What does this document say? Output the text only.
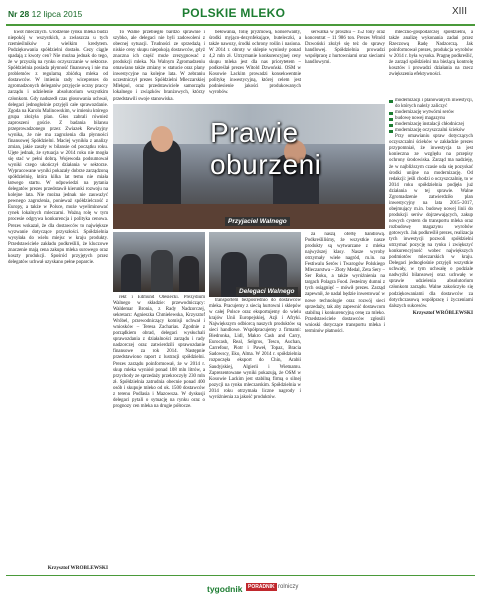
Nr 28 12 lipca 2015	POLSKIE MLEKO	XIII

kwot mlecznych. Urodzenie rynku mleka budzi niepokój w wszystkich, a zwłaszcza u tych rzemieślników z wielkim kredytem. Podziękowania spółdzielni dostało. Cezy ciągle spadają z kwoty cen? Nie można jednak do tego, że w przyszłą na rynku oczyszczanie w sektorze. Spółdzielnia posiada płynność finansową i nie ma problemów z regularną zbiórką mleka od dostawców. W imieniu rady wiceprezes do zgromadzonych delegatów przyjęcie oczny praccy zarządu i udzielenie absolutorium wszystkim członkom. Gdy nadszedł czas głosowania uchwał, delegaci jednogłośnie przyjęli całe sprawozdanie. Zgoda na Karolu Malinowskim, w imieniu którego grupa złożyła plan. Głos zabrali również zaproszeni goście. Z badania bilansu przeprowadzonego przez Zwiazek Rewizyjny wynika, że nie ma zagrożenia dla płynności finansowej Spółdzielni. Maciej wynikła z analizy zmian, jakie zaszły w bilansie od początku roku. Ujęte jednak, że sytuacja w 2014 roku nie mogła się stać w pełni dobrą. Wojewoda podsumował wyniki czego ukończył działania w sektorze. Wypracowane wyniki pokazały dobrze zarządzoną spółdzielnię, która kilka lat temu nie miała łatwego startu. W odpowiedzi na pytania delegatów prezes przedstawił kierunki rozwoju na kolejne lata. Nie można jednak nie zauważyć pewnego zagrożenia, ponieważ spółdzielczość z Europy, a także w Polsce, może wyeliminować rynek lokalnych mleczarni. Ważną rolę w tym procesie odgrywa konkurencja i polityka cenowa. Prezes wskazał, że dla dostawców to największe wyzwanie dotyczące przyszłości. Spółdzielnia wysyłała do wielu miejsc w kraju produkty. Przedstawiciele zakładu podkreślili, że kluczowe znaczenie mają cena zakupu mleka surowego oraz koszty produkcji. Spośród przyjętych przez delegatów uchwał uzyskano pełne poparcie.

To Walne przebiegło bardzo sprawnie i szybko, ale delegaci nie byli zadowoleni z obecnej sytuacji. Trudności ze sprzedażą i niskie ceny skupu niepokoją dostawców, gdyż znaczna ich część może zrezygnować z produkcji mleka. Na Walnym Zgromadzeniu omawiano także zmiany w statucie oraz plany inwestycyjne na kolejne lata. W zebraniu uczestniczył prezes Spółdzielni Mleczarskiej Mlekpol, oraz przedstawiciele samorządu lokalnego i związków branżowych, którzy przedstawili swoje stanowiska.

bełowania, folię pryzmową, konserwanty, środki myjąco-dezynfekujące, buteleczki, a także nawozy, środki ochrony roślin i nasiona. W 2014 r. obroty w sklepie wyniosły ponad 4,2 mln zł. Utrzymanie konkurencyjnej ceny skupu mleka jest dla nas priorytetem – podkreślał prezes Witold Dzwoński. OSM w Kosowie Lackim prowadzi konsekwentnie politykę inwestycyjną, której celem jest podniesienie jakości produkowanych wyrobów.

serwatka w proszku – 152 tony oraz koncentrat – 11 986 ton. Prezes Witold Dzwoński złożył się też do sprawy handlowej. Spółdzielnia prowadzi współpracę z hurtowniami oraz sieciami handlowymi.

mleczno-gospodarczej spółdzielni, a także analizę wykonania zadań przez Rzeczową Radę Nadzorczą. Jak poinformował prezes, produkcja wyrobów w 2014 r. była wysoka. Pragnę podkreślić, że zarząd spółdzielni ma bieżącą kontrolę kosztów i prowadzi działania na rzecz zwiększenia efektywności.

Prawie oburzeni
Przyjaciel Walnego
Delegaci Walnego

rekt i Edmund Olesiecki. Prezydium Walnego w składzie: przewodniczący: Waldemar Bronia, z Rady Nadzorczej, sekretarz: Agnieszka Chmielewska, Krzysztof Wróbel, przewodniczący komisji uchwał i wniosków – Teresa Zacharias. Zgodnie z porządkiem obrad, delegaci wysłuchali sprawozdania z działalności zarządu i rady nadzorczej oraz zatwierdzili sprawozdanie finansowe za rok 2014. Następnie przedstawiono raport z lustracji spółdzielni. Prezes zarządu poinformował, że w 2014 r. skup mleka wyniósł ponad 108 mln litrów, a przychody ze sprzedaży przekroczyły 230 mln zł. Spółdzielnia zatrudnia obecnie ponad 400 osób i skupuje mleko od ok. 1500 dostawców z terenu Podlasia i Mazowsza. W dyskusji delegaci pytali o sytuację na rynku oraz o prognozy cen mleka na drugie półrocze.

transportem bezpośrednio do dostawców mleka. Pracujemy z siecią hurtowni i sklepów w całej Polsce oraz eksportujemy do wielu krajów Unii Europejskiej, Azji i Afryki. Największym odbiorcą naszych produktów są sieci handlowe. Współpracujemy z firmami: Biedronka, Lidl, Makro Cash and Carry, Eurocash, Real, Selgros, Tesco, Auchan, Carrefour, Piotr i Paweł, Topaz, Bracia Sadowscy, Eko, Alma. W 2014 r. spółdzielnia rozpoczęła eksport do Chin, Arabii Saudyjskiej, Algierii i Wietnamu. Zaprezentowane wyniki pokazują, że OSM w Kosowie Lackim jest stabilną firmą o silnej pozycji na rynku mleczarskim. Spółdzielnia w 2014 roku otrzymała liczne nagrody i wyróżnienia za jakość produktów.

za naszą ofertę handlową. Podkreśliliśmy, że wszystkie nasze produkty są wytwarzane z mleka najwyższej klasy. Nasze wyroby otrzymały wiele nagród, m.in. na Festiwalu Serów i Twarogów Polskiego Mleczarstwa – Złoty Medal, Zeta Sery – Ser Roku, a także wyróżnienia na targach Polagra Food. Jesteśmy dumni z tych osiągnięć – mówił prezes. Zarząd zapewnił, że nadal będzie inwestować w nowe technologie oraz rozwój sieci sprzedaży, tak aby zapewnić dostawcom stabilną i konkurencyjną cenę za mleko. Przedstawiciele dostawców zgłosili wnioski dotyczące transportu mleka i terminów płatności.

modernizacji i planowanych inwestycji, do których należy zaliczyć

modernizację wytwórni serów

budowę nowej magazynu

modernizację instalacji chłodniczej

modernizację oczyszczalni ścieków

Przy omawianiu spraw dotyczących oczyszczalni ścieków w zakładzie prezes przypomniał, że inwestycja ta jest konieczna ze względu na przepisy ochrony środowiska. Zarząd ma nadzieję, że w najbliższym czasie uda się pozyskać środki unijne na modernizację. Od redakcji: jeśli chodzi o oczyszczalnię, to w 2014 roku spółdzielnia podjęła już działania w tej sprawie. Walne Zgromadzenie zatwierdziło plan inwestycyjny na lata 2015–2017, obejmujący m.in. budowę nowej linii do produkcji serów dojrzewających, zakup nowych cystern do transportu mleka oraz rozbudowę magazynu wyrobów gotowych. Jak podkreślił prezes, realizacja tych inwestycji pozwoli spółdzielni utrzymać pozycję na rynku i zwiększyć konkurencyjność wobec największych podmiotów mleczarskich w kraju. Delegaci jednogłośnie przyjęli wszystkie uchwały, w tym uchwałę o podziale nadwyżki bilansowej oraz uchwałę w sprawie udzielenia absolutorium członkom zarządu. Walne zakończyło się podziękowaniami dla dostawców za dotychczasową współpracę i życzeniami dalszych sukcesów.

Krzysztof WRÓBLEWSKI

Krzysztof WRÓBLEWSKI

tygodnik	PORADNIK rolniczy
